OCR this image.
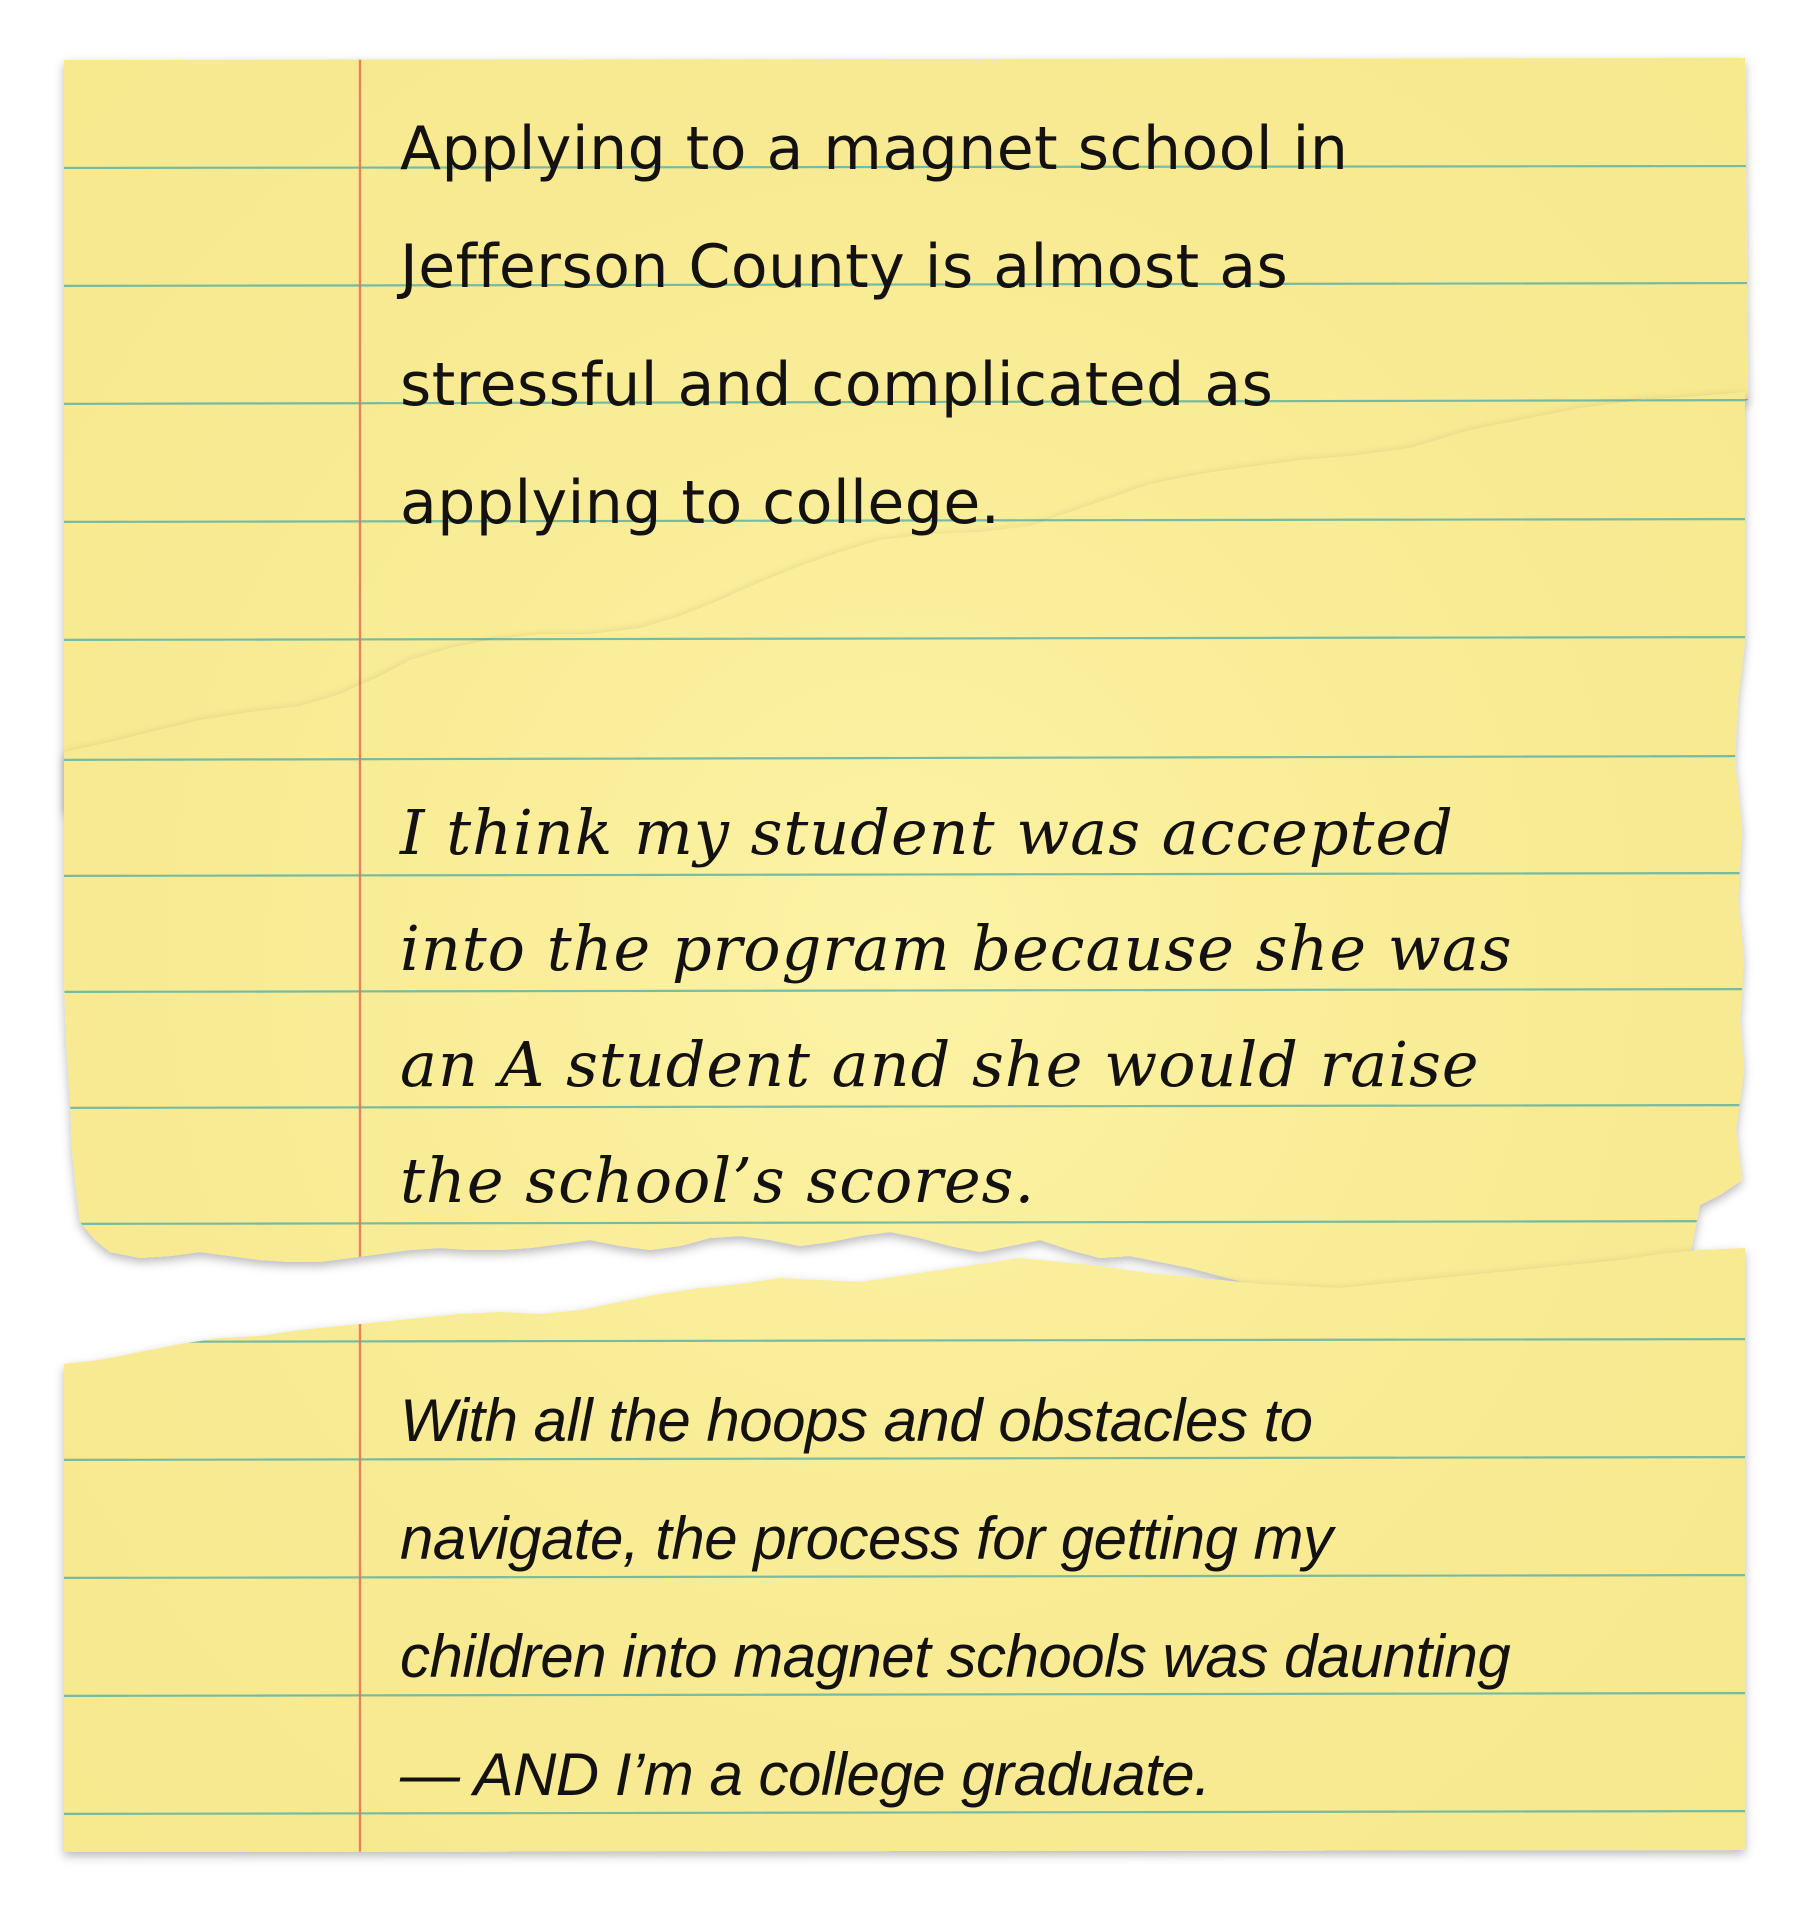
Applying to a magnet school in
Jefferson County is almost as
stressful and complicated as
applying to college.
I think my student was accepted
into the program because she was
an A student and she would raise
the school’s scores.
With all the hoops and obstacles to
navigate, the process for getting my
children into magnet schools was daunting
— AND I’m a college graduate.
